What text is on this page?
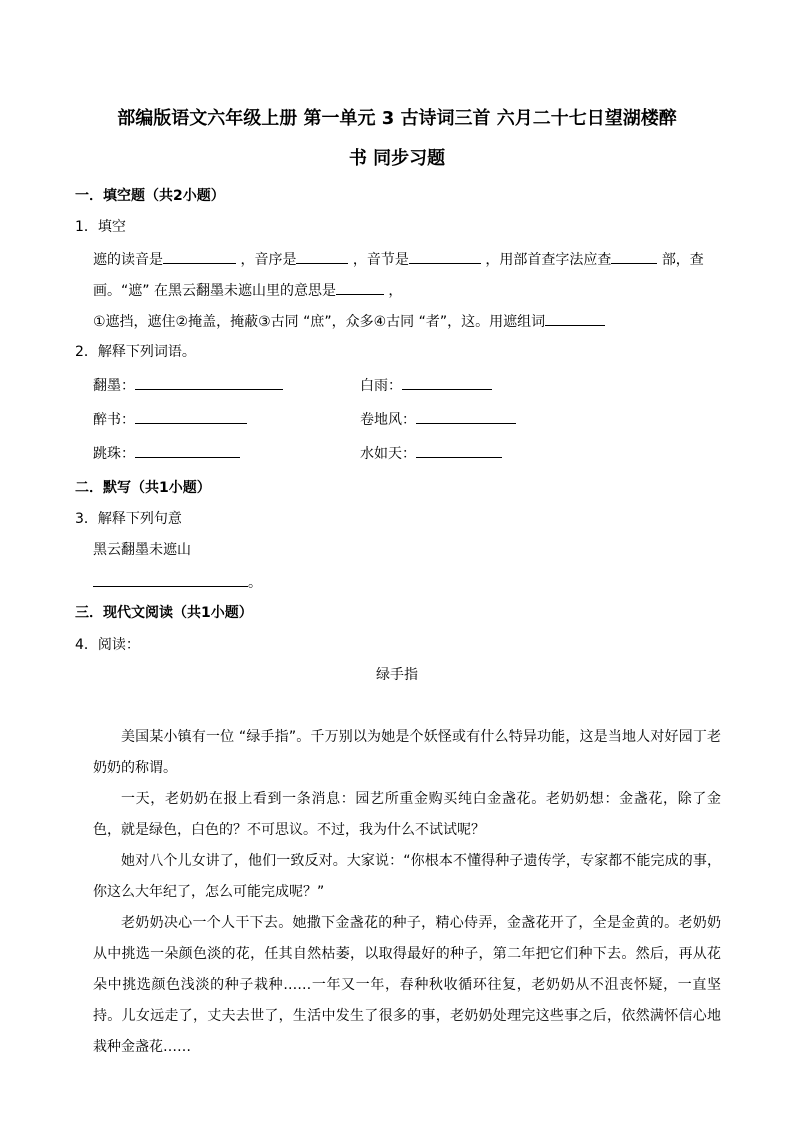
部编版语文六年级上册 第一单元 3 古诗词三首 六月二十七日望湖楼醉
书 同步习题
一．填空题（共2小题）
1．填空
遮的读音是	，音序是	，音节是	，用部首查字法应查	部，查
画。“遮” 在黑云翻墨未遮山里的意思是	，
①遮挡，遮住②掩盖，掩蔽③古同 “庶”，众多④古同 “者”，这。用遮组词
2．解释下列词语。
翻墨：	白雨：
醉书：	卷地风：
跳珠：	水如天：
二．默写（共1小题）
3．解释下列句意
黑云翻墨未遮山
。
三．现代文阅读（共1小题）
4．阅读：
绿手指
美国某小镇有一位 “绿手指”。千万别以为她是个妖怪或有什么特异功能，这是当地人对好园丁老奶奶的称谓。
一天，老奶奶在报上看到一条消息：园艺所重金购买纯白金盏花。老奶奶想：金盏花，除了金色，就是绿色，白色的？不可思议。不过，我为什么不试试呢？
她对八个儿女讲了，他们一致反对。大家说：“你根本不懂得种子遗传学，专家都不能完成的事，你这么大年纪了，怎么可能完成呢？”
老奶奶决心一个人干下去。她撒下金盏花的种子，精心侍弄，金盏花开了，全是金黄的。老奶奶从中挑选一朵颜色淡的花，任其自然枯萎，以取得最好的种子，第二年把它们种下去。然后，再从花朵中挑选颜色浅淡的种子栽种……一年又一年，春种秋收循环往复，老奶奶从不沮丧怀疑，一直坚持。儿女远走了，丈夫去世了，生活中发生了很多的事，老奶奶处理完这些事之后，依然满怀信心地栽种金盏花……
